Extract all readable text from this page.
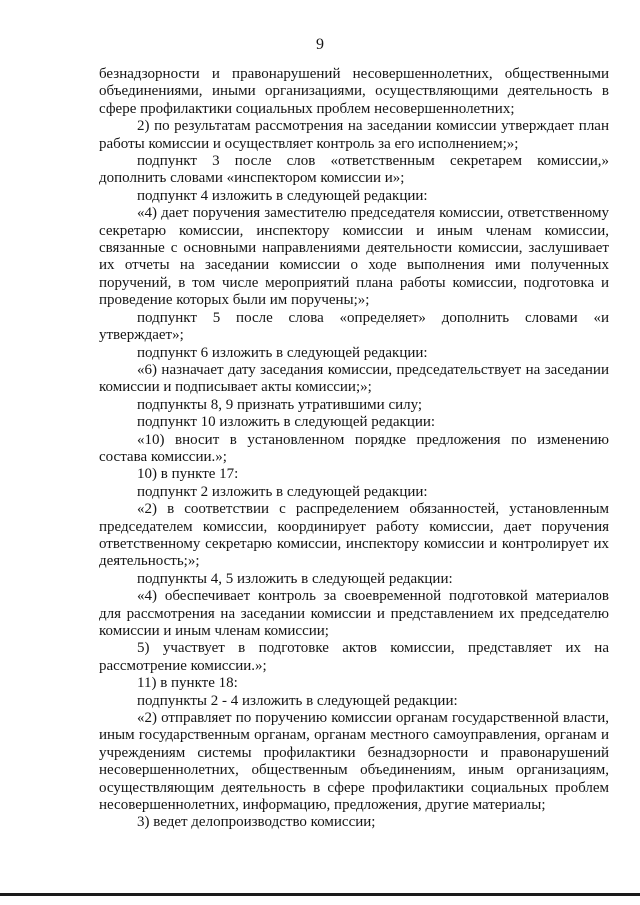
9

безнадзорности и правонарушений несовершеннолетних, общественными объединениями, иными организациями, осуществляющими деятельность в сфере профилактики социальных проблем несовершеннолетних;

2) по результатам рассмотрения на заседании комиссии утверждает план работы комиссии и осуществляет контроль за его исполнением;»;

подпункт 3 после слов «ответственным секретарем комиссии,» дополнить словами «инспектором комиссии и»;

подпункт 4 изложить в следующей редакции:

«4) дает поручения заместителю председателя комиссии, ответственному секретарю комиссии, инспектору комиссии и иным членам комиссии, связанные с основными направлениями деятельности комиссии, заслушивает их отчеты на заседании комиссии о ходе выполнения ими полученных поручений, в том числе мероприятий плана работы комиссии, подготовка и проведение которых были им поручены;»;

подпункт 5 после слова «определяет» дополнить словами «и утверждает»;

подпункт 6 изложить в следующей редакции:

«6) назначает дату заседания комиссии, председательствует на заседании комиссии и подписывает акты комиссии;»;

подпункты 8, 9 признать утратившими силу;

подпункт 10 изложить в следующей редакции:

«10) вносит в установленном порядке предложения по изменению состава комиссии.»;

10) в пункте 17:

подпункт 2 изложить в следующей редакции:

«2) в соответствии с распределением обязанностей, установленным председателем комиссии, координирует работу комиссии, дает поручения ответственному секретарю комиссии, инспектору комиссии и контролирует их деятельность;»;

подпункты 4, 5 изложить в следующей редакции:

«4) обеспечивает контроль за своевременной подготовкой материалов для рассмотрения на заседании комиссии и представлением их председателю комиссии и иным членам комиссии;

5) участвует в подготовке актов комиссии, представляет их на рассмотрение комиссии.»;

11) в пункте 18:

подпункты 2 - 4 изложить в следующей редакции:

«2) отправляет по поручению комиссии органам государственной власти, иным государственным органам, органам местного самоуправления, органам и учреждениям системы профилактики безнадзорности и правонарушений несовершеннолетних, общественным объединениям, иным организациям, осуществляющим деятельность в сфере профилактики социальных проблем несовершеннолетних, информацию, предложения, другие материалы;

3) ведет делопроизводство комиссии;
